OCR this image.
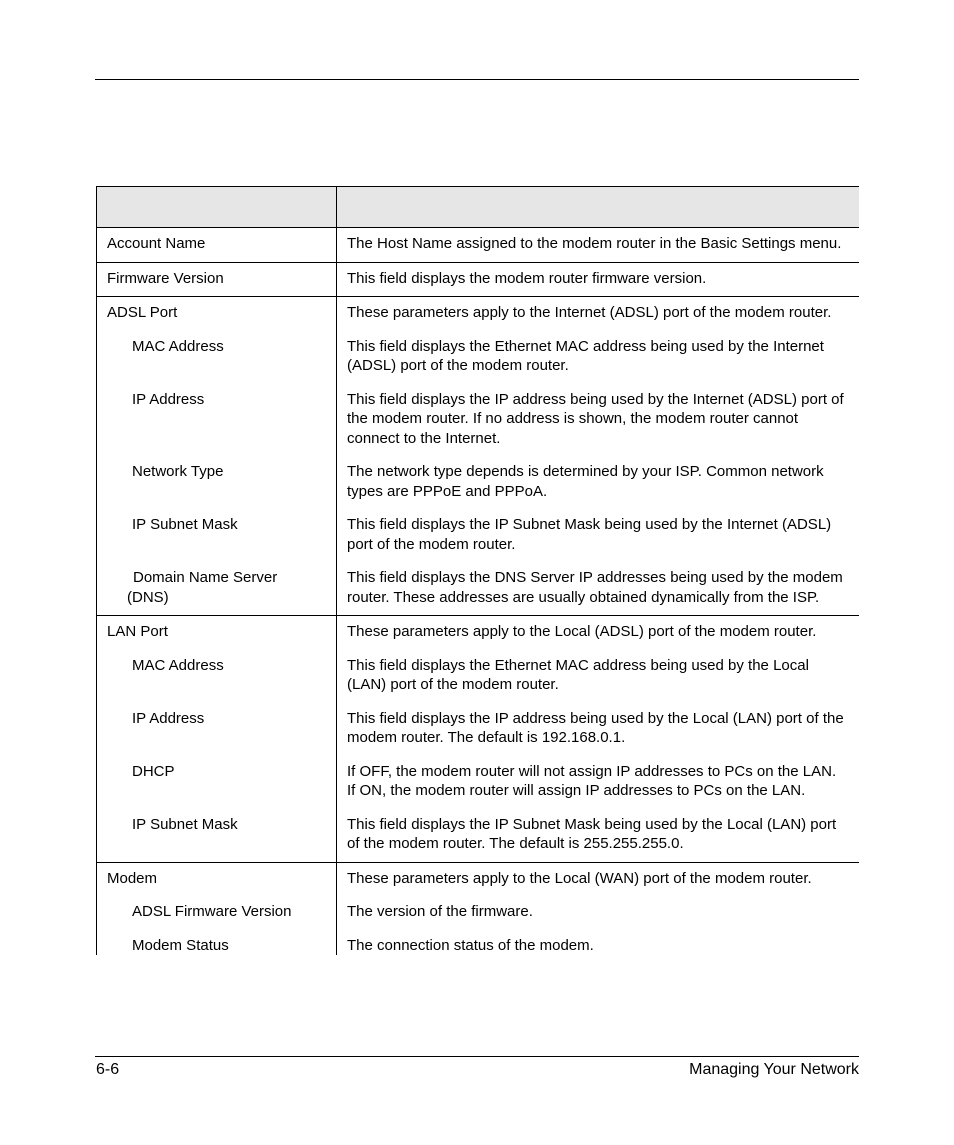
Account Name	The Host Name assigned to the modem router in the Basic Settings menu.
Firmware Version	This field displays the modem router firmware version.
ADSL Port	These parameters apply to the Internet (ADSL) port of the modem router.
MAC Address	This field displays the Ethernet MAC address being used by the Internet (ADSL) port of the modem router.
IP Address	This field displays the IP address being used by the Internet (ADSL) port of the modem router. If no address is shown, the modem router cannot connect to the Internet.
Network Type	The network type depends is determined by your ISP. Common network types are PPPoE and PPPoA.
IP Subnet Mask	This field displays the IP Subnet Mask being used by the Internet (ADSL) port of the modem router.
Domain Name Server
(DNS)	This field displays the DNS Server IP addresses being used by the modem router. These addresses are usually obtained dynamically from the ISP.
LAN Port	These parameters apply to the Local (ADSL) port of the modem router.
MAC Address	This field displays the Ethernet MAC address being used by the Local (LAN) port of the modem router.
IP Address	This field displays the IP address being used by the Local (LAN) port of the modem router. The default is 192.168.0.1.
DHCP	If OFF, the modem router will not assign IP addresses to PCs on the LAN.
If ON, the modem router will assign IP addresses to PCs on the LAN.

IP Subnet Mask	This field displays the IP Subnet Mask being used by the Local (LAN) port of the modem router. The default is 255.255.255.0.
Modem	These parameters apply to the Local (WAN) port of the modem router.
ADSL Firmware Version	The version of the firmware.
Modem Status	The connection status of the modem.
6-6	Managing Your Network
